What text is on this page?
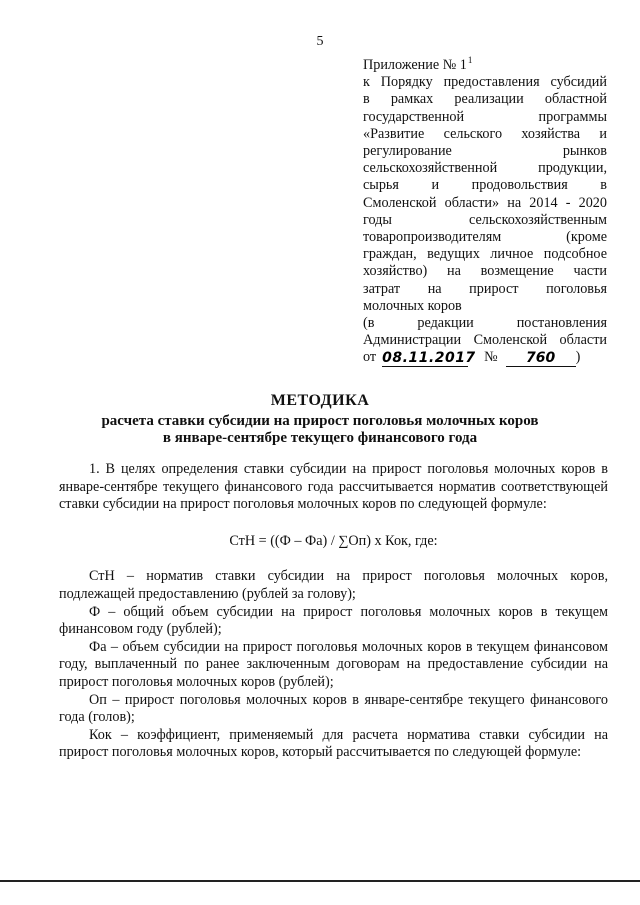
5
Приложение № $1^1$
к Порядку предоставления субсидий
в рамках реализации областной
государственной программы
«Развитие сельского хозяйства и
регулирование рынков
сельскохозяйственной продукции,
сырья и продовольствия в
Смоленской области» на 2014 - 2020
годы сельскохозяйственным
товаропроизводителям (кроме
граждан, ведущих личное подсобное
хозяйство) на возмещение части
затрат на прирост поголовья
молочных коров
(в редакции постановления
Администрации Смоленской области
от 08.11.2017 №	760	)
МЕТОДИКА
расчета ставки субсидии на прирост поголовья молочных коров
в январе-сентябре текущего финансового года

1. В целях определения ставки субсидии на прирост поголовья молочных коров в январе-сентябре текущего финансового года рассчитывается норматив соответствующей ставки субсидии на прирост поголовья молочных коров по следующей формуле:

СтН = ((Ф – Фа) / ∑Оп) х Кок, где:

СтН – норматив ставки субсидии на прирост поголовья молочных коров, подлежащей предоставлению (рублей за голову);

Ф – общий объем субсидии на прирост поголовья молочных коров в текущем финансовом году (рублей);

Фа – объем субсидии на прирост поголовья молочных коров в текущем финансовом году, выплаченный по ранее заключенным договорам на предоставление субсидии на прирост поголовья молочных коров (рублей);

Оп – прирост поголовья молочных коров в январе-сентябре текущего финансового года (голов);

Кок – коэффициент, применяемый для расчета норматива ставки субсидии на прирост поголовья молочных коров, который рассчитывается по следующей формуле:
